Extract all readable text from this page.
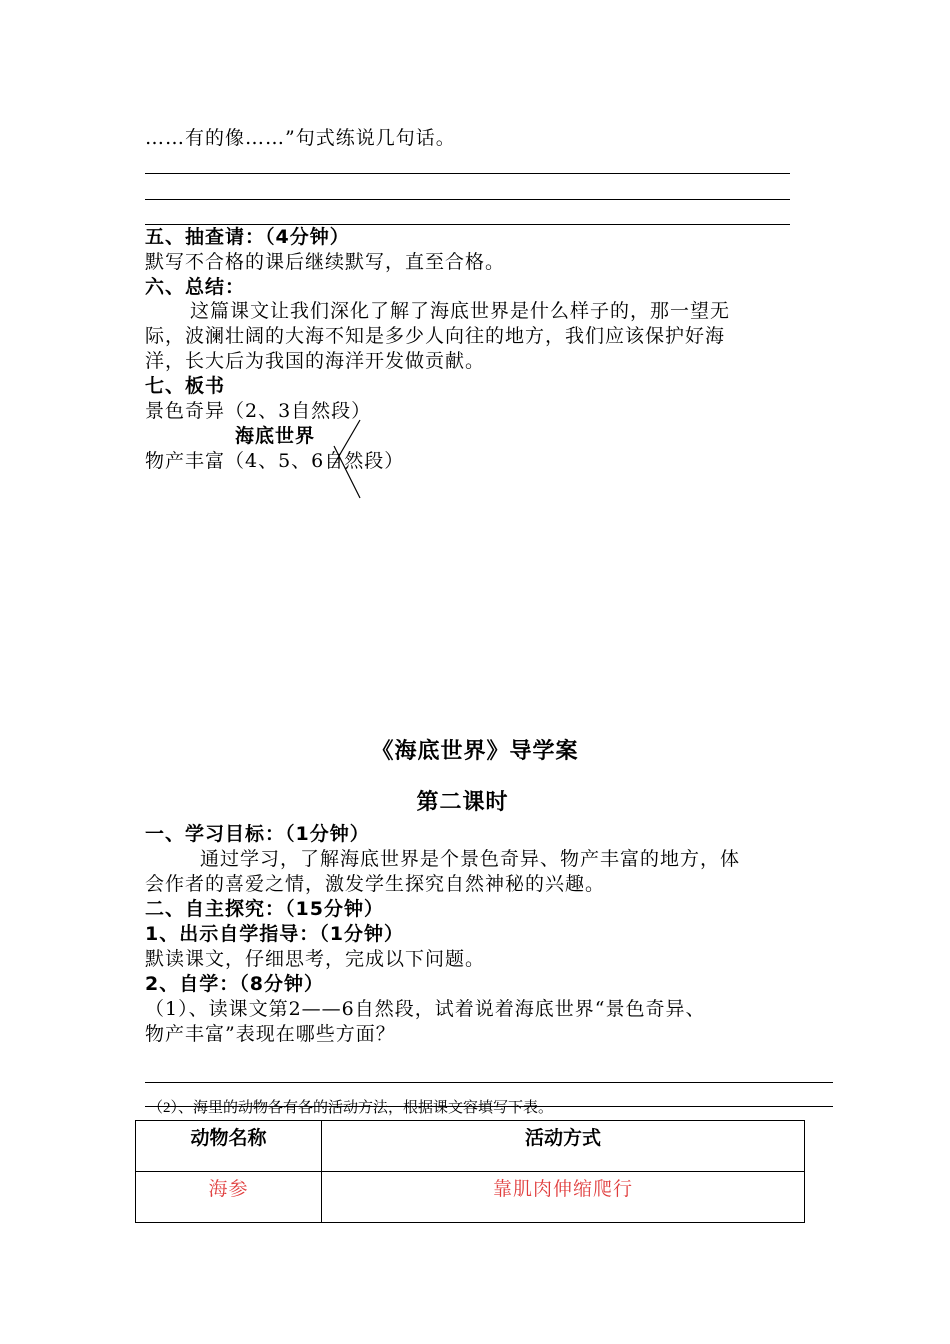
……有的像……”句式练说几句话。
五、抽查请：（4分钟）
默写不合格的课后继续默写，直至合格。
六、总结：
这篇课文让我们深化了解了海底世界是什么样子的，那一望无
际，波澜壮阔的大海不知是多少人向往的地方，我们应该保护好海
洋，长大后为我国的海洋开发做贡献。
七、板书
景色奇异（2、3自然段）
海底世界
物产丰富（4、5、6自然段）
《海底世界》导学案
第二课时
一、学习目标：（1分钟）
通过学习，了解海底世界是个景色奇异、物产丰富的地方，体
会作者的喜爱之情，激发学生探究自然神秘的兴趣。
二、自主探究：（15分钟）
1、出示自学指导：（1分钟）
默读课文，仔细思考，完成以下问题。
2、自学：（8分钟）
（1）、读课文第2——6自然段，试着说着海底世界“景色奇异、
物产丰富”表现在哪些方面？
（2）、海里的动物各有各的活动方法，根据课文容填写下表。
动物名称	活动方式
海参	靠肌肉伸缩爬行
